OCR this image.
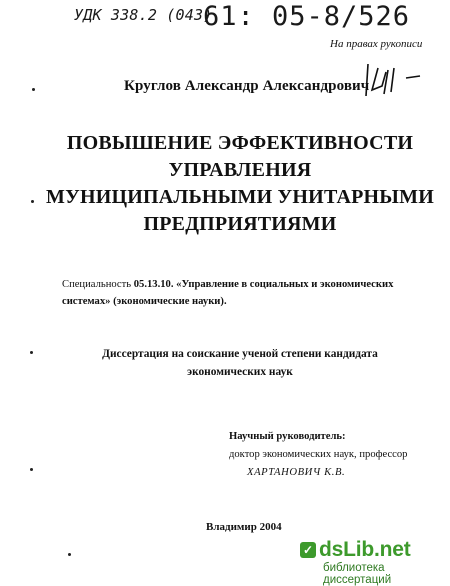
УДК 338.2 (043)
61: 05-8/526
На правах рукописи
Круглов Александр Александрович
ПОВЫШЕНИЕ ЭФФЕКТИВНОСТИ
УПРАВЛЕНИЯ
МУНИЦИПАЛЬНЫМИ УНИТАРНЫМИ
ПРЕДПРИЯТИЯМИ
Специальность 05.13.10. «Управление в социальных и экономических системах» (экономические науки).
Диссертация на соискание ученой степени кандидата
экономических наук
Научный руководитель:
доктор экономических наук, профессор
ХАРТАНОВИЧ К.В.
Владимир 2004
✓ dsLib.net
библиотека диссертаций
